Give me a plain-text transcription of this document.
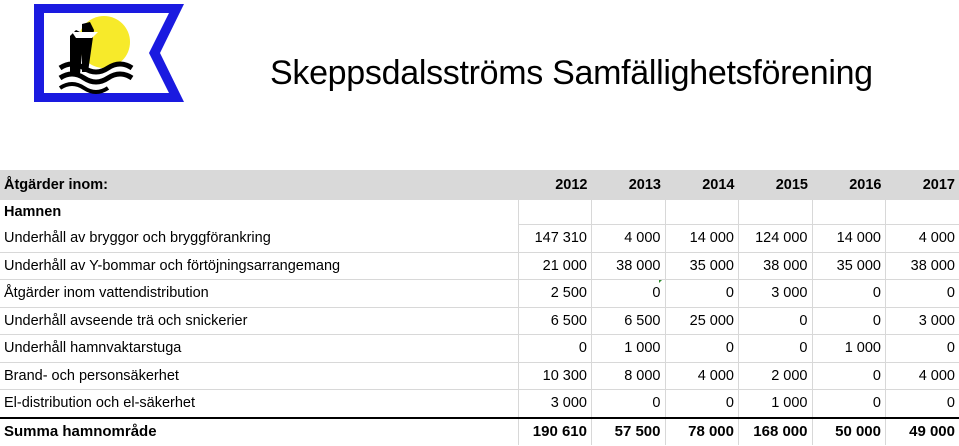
Skeppsdalsströms Samfällighetsförening
Åtgärder inom:	2012	2013	2014	2015	2016	2017
Hamnen						
Underhåll av bryggor och bryggförankring	147 310	4 000	14 000	124 000	14 000	4 000
Underhåll av Y-bommar och förtöjningsarrangemang	21 000	38 000	35 000	38 000	35 000	38 000
Åtgärder inom vattendistribution	2 500	0	0	3 000	0	0
Underhåll avseende trä och snickerier	6 500	6 500	25 000	0	0	3 000
Underhåll hamnvaktarstuga	0	1 000	0	0	1 000	0
Brand- och personsäkerhet	10 300	8 000	4 000	2 000	0	4 000
El-distribution och el-säkerhet	3 000	0	0	1 000	0	0
Summa hamnområde	190 610	57 500	78 000	168 000	50 000	49 000
